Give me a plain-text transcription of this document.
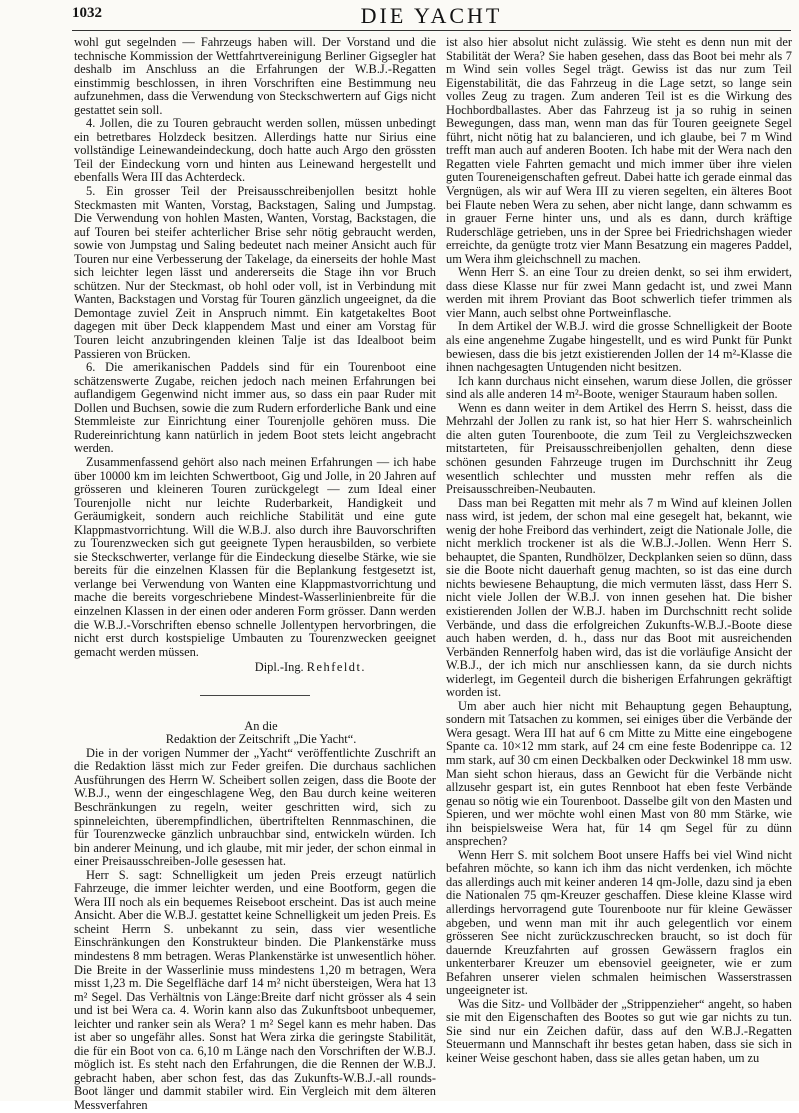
1032	DIE YACHT

wohl gut segelnden — Fahrzeugs haben will. Der Vorstand und die technische Kommission der Wettfahrtvereinigung Berliner Gigsegler hat deshalb im Anschluss an die Erfahrungen der W.B.J.-Regatten einstimmig beschlossen, in ihren Vorschriften eine Bestimmung neu aufzunehmen, dass die Verwendung von Steckschwertern auf Gigs nicht gestattet sein soll.

4. Jollen, die zu Touren gebraucht werden sollen, müssen unbedingt ein betretbares Holzdeck besitzen. Allerdings hatte nur Sirius eine vollständige Leinewandeindeckung, doch hatte auch Argo den grössten Teil der Eindeckung vorn und hinten aus Leinewand hergestellt und ebenfalls Wera III das Achterdeck.

5. Ein grosser Teil der Preisausschreibenjollen besitzt hohle Steckmasten mit Wanten, Vorstag, Backstagen, Saling und Jumpstag. Die Verwendung von hohlen Masten, Wanten, Vorstag, Backstagen, die auf Touren bei steifer achterlicher Brise sehr nötig gebraucht werden, sowie von Jumpstag und Saling bedeutet nach meiner Ansicht auch für Touren nur eine Verbesserung der Takelage, da einerseits der hohle Mast sich leichter legen lässt und andererseits die Stage ihn vor Bruch schützen. Nur der Steckmast, ob hohl oder voll, ist in Verbindung mit Wanten, Backstagen und Vorstag für Touren gänzlich ungeeignet, da die Demontage zuviel Zeit in Anspruch nimmt. Ein katgetakeltes Boot dagegen mit über Deck klappendem Mast und einer am Vorstag für Touren leicht anzubringenden kleinen Talje ist das Idealboot beim Passieren von Brücken.

6. Die amerikanischen Paddels sind für ein Tourenboot eine schätzenswerte Zugabe, reichen jedoch nach meinen Erfahrungen bei auflandigem Gegenwind nicht immer aus, so dass ein paar Ruder mit Dollen und Buchsen, sowie die zum Rudern erforderliche Bank und eine Stemmleiste zur Einrichtung einer Tourenjolle gehören muss. Die Rudereinrichtung kann natürlich in jedem Boot stets leicht angebracht werden.

Zusammenfassend gehört also nach meinen Erfahrungen — ich habe über 10000 km im leichten Schwertboot, Gig und Jolle, in 20 Jahren auf grösseren und kleineren Touren zurückgelegt — zum Ideal einer Tourenjolle nicht nur leichte Ruderbarkeit, Handigkeit und Geräumigkeit, sondern auch reichliche Stabilität und eine gute Klappmastvorrichtung. Will die W.B.J. also durch ihre Bauvorschriften zu Tourenzwecken sich gut geeignete Typen herausbilden, so verbiete sie Steckschwerter, verlange für die Eindeckung dieselbe Stärke, wie sie bereits für die einzelnen Klassen für die Beplankung festgesetzt ist, verlange bei Verwendung von Wanten eine Klappmastvorrichtung und mache die bereits vorgeschriebene Mindest-Wasserlinienbreite für die einzelnen Klassen in der einen oder anderen Form grösser. Dann werden die W.B.J.-Vorschriften ebenso schnelle Jollentypen hervorbringen, die nicht erst durch kostspielige Umbauten zu Tourenzwecken geeignet gemacht werden müssen.

Dipl.-Ing. Rehfeldt.

An die

Redaktion der Zeitschrift „Die Yacht“.

Die in der vorigen Nummer der „Yacht“ veröffentlichte Zuschrift an die Redaktion lässt mich zur Feder greifen. Die durchaus sachlichen Ausführungen des Herrn W. Scheibert sollen zeigen, dass die Boote der W.B.J., wenn der eingeschlagene Weg, den Bau durch keine weiteren Beschränkungen zu regeln, weiter geschritten wird, sich zu spinneleichten, überempfindlichen, übertriftelten Rennmaschinen, die für Tourenzwecke gänzlich unbrauchbar sind, entwickeln würden. Ich bin anderer Meinung, und ich glaube, mit mir jeder, der schon einmal in einer Preisausschreiben-Jolle gesessen hat.

Herr S. sagt: Schnelligkeit um jeden Preis erzeugt natürlich Fahrzeuge, die immer leichter werden, und eine Bootform, gegen die Wera III noch als ein bequemes Reiseboot erscheint. Das ist auch meine Ansicht. Aber die W.B.J. gestattet keine Schnelligkeit um jeden Preis. Es scheint Herrn S. unbekannt zu sein, dass vier wesentliche Einschränkungen den Konstrukteur binden. Die Plankenstärke muss mindestens 8 mm betragen. Weras Plankenstärke ist unwesentlich höher. Die Breite in der Wasserlinie muss mindestens 1,20 m betragen, Wera misst 1,23 m. Die Segelfläche darf 14 m² nicht übersteigen, Wera hat 13 m² Segel. Das Verhältnis von Länge:Breite darf nicht grösser als 4 sein und ist bei Wera ca. 4. Worin kann also das Zukunftsboot unbequemer, leichter und ranker sein als Wera? 1 m² Segel kann es mehr haben. Das ist aber so ungefähr alles. Sonst hat Wera zirka die geringste Stabilität, die für ein Boot von ca. 6,10 m Länge nach den Vorschriften der W.B.J. möglich ist. Es steht nach den Erfahrungen, die die Rennen der W.B.J. gebracht haben, aber schon fest, das das Zukunfts-W.B.J.-all rounds-Boot länger und dammit stabiler wird. Ein Vergleich mit dem älteren Messverfahren

ist also hier absolut nicht zulässig. Wie steht es denn nun mit der Stabilität der Wera? Sie haben gesehen, dass das Boot bei mehr als 7 m Wind sein volles Segel trägt. Gewiss ist das nur zum Teil Eigenstabilität, die das Fahrzeug in die Lage setzt, so lange sein volles Zeug zu tragen. Zum anderen Teil ist es die Wirkung des Hochbordballastes. Aber das Fahrzeug ist ja so ruhig in seinen Bewegungen, dass man, wenn man das für Touren geeignete Segel führt, nicht nötig hat zu balancieren, und ich glaube, bei 7 m Wind trefft man auch auf anderen Booten. Ich habe mit der Wera nach den Regatten viele Fahrten gemacht und mich immer über ihre vielen guten Toureneigenschaften gefreut. Dabei hatte ich gerade einmal das Vergnügen, als wir auf Wera III zu vieren segelten, ein älteres Boot bei Flaute neben Wera zu sehen, aber nicht lange, dann schwamm es in grauer Ferne hinter uns, und als es dann, durch kräftige Ruderschläge getrieben, uns in der Spree bei Friedrichshagen wieder erreichte, da genügte trotz vier Mann Besatzung ein mageres Paddel, um Wera ihm gleichschnell zu machen.

Wenn Herr S. an eine Tour zu dreien denkt, so sei ihm erwidert, dass diese Klasse nur für zwei Mann gedacht ist, und zwei Mann werden mit ihrem Proviant das Boot schwerlich tiefer trimmen als vier Mann, auch selbst ohne Portweinflasche.

In dem Artikel der W.B.J. wird die grosse Schnelligkeit der Boote als eine angenehme Zugabe hingestellt, und es wird Punkt für Punkt bewiesen, dass die bis jetzt existierenden Jollen der 14 m²-Klasse die ihnen nachgesagten Untugenden nicht besitzen.

Ich kann durchaus nicht einsehen, warum diese Jollen, die grösser sind als alle anderen 14 m²-Boote, weniger Stauraum haben sollen.

Wenn es dann weiter in dem Artikel des Herrn S. heisst, dass die Mehrzahl der Jollen zu rank ist, so hat hier Herr S. wahrscheinlich die alten guten Tourenboote, die zum Teil zu Vergleichszwecken mitstarteten, für Preisausschreibenjollen gehalten, denn diese schönen gesunden Fahrzeuge trugen im Durchschnitt ihr Zeug wesentlich schlechter und mussten mehr reffen als die Preisausschreiben-Neubauten.

Dass man bei Regatten mit mehr als 7 m Wind auf kleinen Jollen nass wird, ist jedem, der schon mal eine gesegelt hat, bekannt, wie wenig der hohe Freibord das verhindert, zeigt die Nationale Jolle, die nicht merklich trockener ist als die W.B.J.-Jollen. Wenn Herr S. behauptet, die Spanten, Rundhölzer, Deckplanken seien so dünn, dass sie die Boote nicht dauerhaft genug machten, so ist das eine durch nichts bewiesene Behauptung, die mich vermuten lässt, dass Herr S. nicht viele Jollen der W.B.J. von innen gesehen hat. Die bisher existierenden Jollen der W.B.J. haben im Durchschnitt recht solide Verbände, und dass die erfolgreichen Zukunfts-W.B.J.-Boote diese auch haben werden, d. h., dass nur das Boot mit ausreichenden Verbänden Rennerfolg haben wird, das ist die vorläufige Ansicht der W.B.J., der ich mich nur anschliessen kann, da sie durch nichts widerlegt, im Gegenteil durch die bisherigen Erfahrungen gekräftigt worden ist.

Um aber auch hier nicht mit Behauptung gegen Behauptung, sondern mit Tatsachen zu kommen, sei einiges über die Verbände der Wera gesagt. Wera III hat auf 6 cm Mitte zu Mitte eine eingebogene Spante ca. 10×12 mm stark, auf 24 cm eine feste Bodenrippe ca. 12 mm stark, auf 30 cm einen Deckbalken oder Deckwinkel 18 mm usw. Man sieht schon hieraus, dass an Gewicht für die Verbände nicht allzusehr gespart ist, ein gutes Rennboot hat eben feste Verbände genau so nötig wie ein Tourenboot. Dasselbe gilt von den Masten und Spieren, und wer möchte wohl einen Mast von 80 mm Stärke, wie ihn beispielsweise Wera hat, für 14 qm Segel für zu dünn ansprechen?

Wenn Herr S. mit solchem Boot unsere Haffs bei viel Wind nicht befahren möchte, so kann ich ihm das nicht verdenken, ich möchte das allerdings auch mit keiner anderen 14 qm-Jolle, dazu sind ja eben die Nationalen 75 qm-Kreuzer geschaffen. Diese kleine Klasse wird allerdings hervorragend gute Tourenboote nur für kleine Gewässer abgeben, und wenn man mit ihr auch gelegentlich vor einem grösseren See nicht zurückzuschrecken braucht, so ist doch für dauernde Kreuzfahrten auf grossen Gewässern fraglos ein unkenterbarer Kreuzer um ebensoviel geeigneter, wie er zum Befahren unserer vielen schmalen heimischen Wasserstrassen ungeeigneter ist.

Was die Sitz- und Vollbäder der „Strippenzieher“ angeht, so haben sie mit den Eigenschaften des Bootes so gut wie gar nichts zu tun. Sie sind nur ein Zeichen dafür, dass auf den W.B.J.-Regatten Steuermann und Mannschaft ihr bestes getan haben, dass sie sich in keiner Weise geschont haben, dass sie alles getan haben, um zu
